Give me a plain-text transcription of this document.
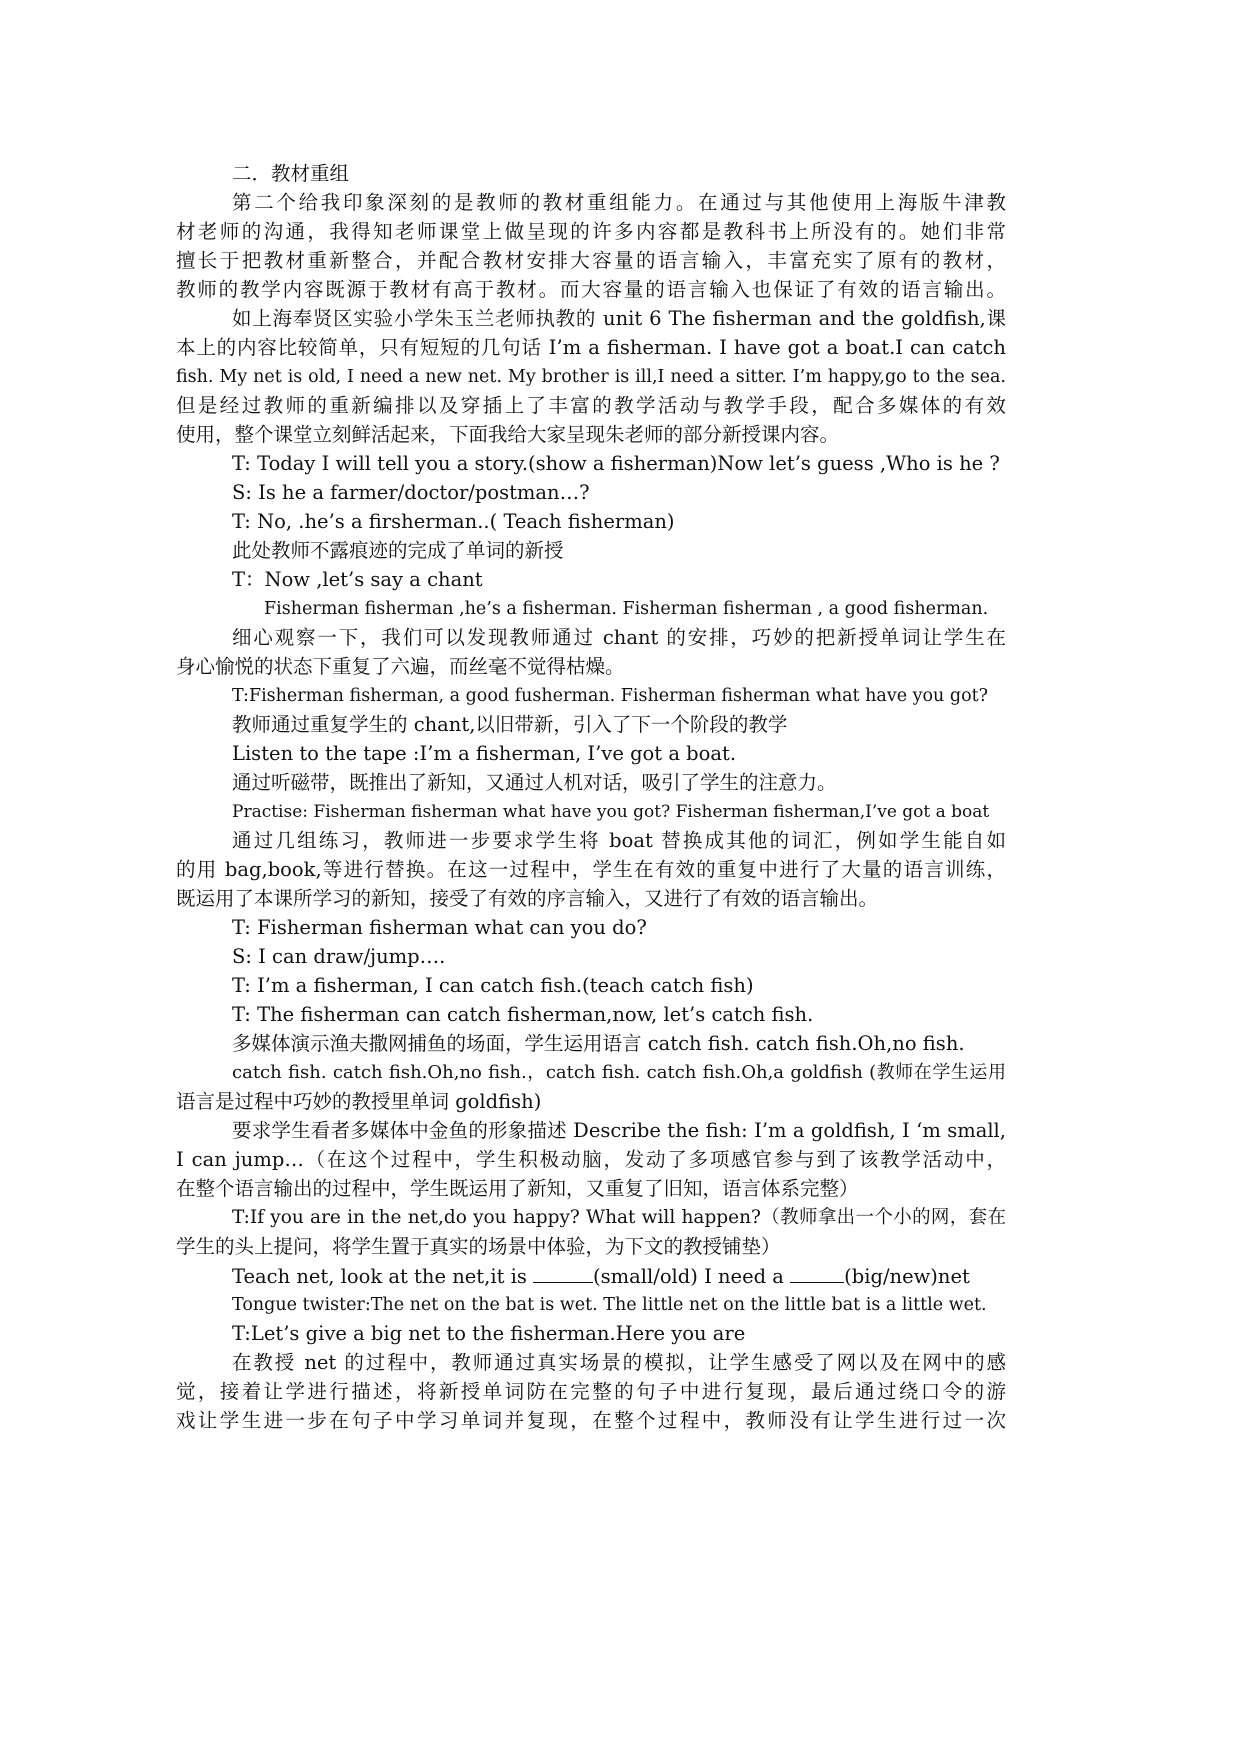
二．教材重组
第二个给我印象深刻的是教师的教材重组能力。在通过与其他使用上海版牛津教
材老师的沟通，我得知老师课堂上做呈现的许多内容都是教科书上所没有的。她们非常
擅长于把教材重新整合，并配合教材安排大容量的语言输入，丰富充实了原有的教材，
教师的教学内容既源于教材有高于教材。而大容量的语言输入也保证了有效的语言输出。
如上海奉贤区实验小学朱玉兰老师执教的 unit 6 The fisherman and the goldfish,课
本上的内容比较简单，只有短短的几句话 I’m a fisherman. I have got a boat.I can catch
fish. My net is old, I need a new net. My brother is ill,I need a sitter. I’m happy,go to the sea.
但是经过教师的重新编排以及穿插上了丰富的教学活动与教学手段，配合多媒体的有效
使用，整个课堂立刻鲜活起来，下面我给大家呈现朱老师的部分新授课内容。
T: Today I will tell you a story.(show a fisherman)Now let’s guess ,Who is he ?
S: Is he a farmer/doctor/postman…?
T: No, .he’s a firsherman..( Teach fisherman)
此处教师不露痕迹的完成了单词的新授
T：Now ,let’s say a chant
Fisherman fisherman ,he’s a fisherman. Fisherman fisherman , a good fisherman.
细心观察一下，我们可以发现教师通过 chant 的安排，巧妙的把新授单词让学生在
身心愉悦的状态下重复了六遍，而丝毫不觉得枯燥。
T:Fisherman fisherman, a good fusherman. Fisherman fisherman what have you got?
教师通过重复学生的 chant,以旧带新，引入了下一个阶段的教学
Listen to the tape :I’m a fisherman, I’ve got a boat.
通过听磁带，既推出了新知，又通过人机对话，吸引了学生的注意力。
Practise: Fisherman fisherman what have you got? Fisherman fisherman,I’ve got a boat
通过几组练习，教师进一步要求学生将 boat 替换成其他的词汇，例如学生能自如
的用 bag,book,等进行替换。在这一过程中，学生在有效的重复中进行了大量的语言训练，
既运用了本课所学习的新知，接受了有效的序言输入，又进行了有效的语言输出。
T: Fisherman fisherman what can you do?
S: I can draw/jump….
T: I’m a fisherman, I can catch fish.(teach catch fish)
T: The fisherman can catch fisherman,now, let’s catch fish.
多媒体演示渔夫撒网捕鱼的场面，学生运用语言 catch fish. catch fish.Oh,no fish.
catch fish. catch fish.Oh,no fish.，catch fish. catch fish.Oh,a goldfish (教师在学生运用
语言是过程中巧妙的教授里单词 goldfish)
要求学生看者多媒体中金鱼的形象描述 Describe the fish: I’m a goldfish, I ‘m small,
I can jump…（在这个过程中，学生积极动脑，发动了多项感官参与到了该教学活动中，
在整个语言输出的过程中，学生既运用了新知，又重复了旧知，语言体系完整）
T:If you are in the net,do you happy? What will happen?（教师拿出一个小的网，套在
学生的头上提问，将学生置于真实的场景中体验，为下文的教授铺垫）
Teach net, look at the net,it is	(small/old) I need a	(big/new)net
Tongue twister:The net on the bat is wet. The little net on the little bat is a little wet.
T:Let’s give a big net to the fisherman.Here you are
在教授 net 的过程中，教师通过真实场景的模拟，让学生感受了网以及在网中的感
觉，接着让学进行描述，将新授单词防在完整的句子中进行复现，最后通过绕口令的游
戏让学生进一步在句子中学习单词并复现，在整个过程中，教师没有让学生进行过一次
